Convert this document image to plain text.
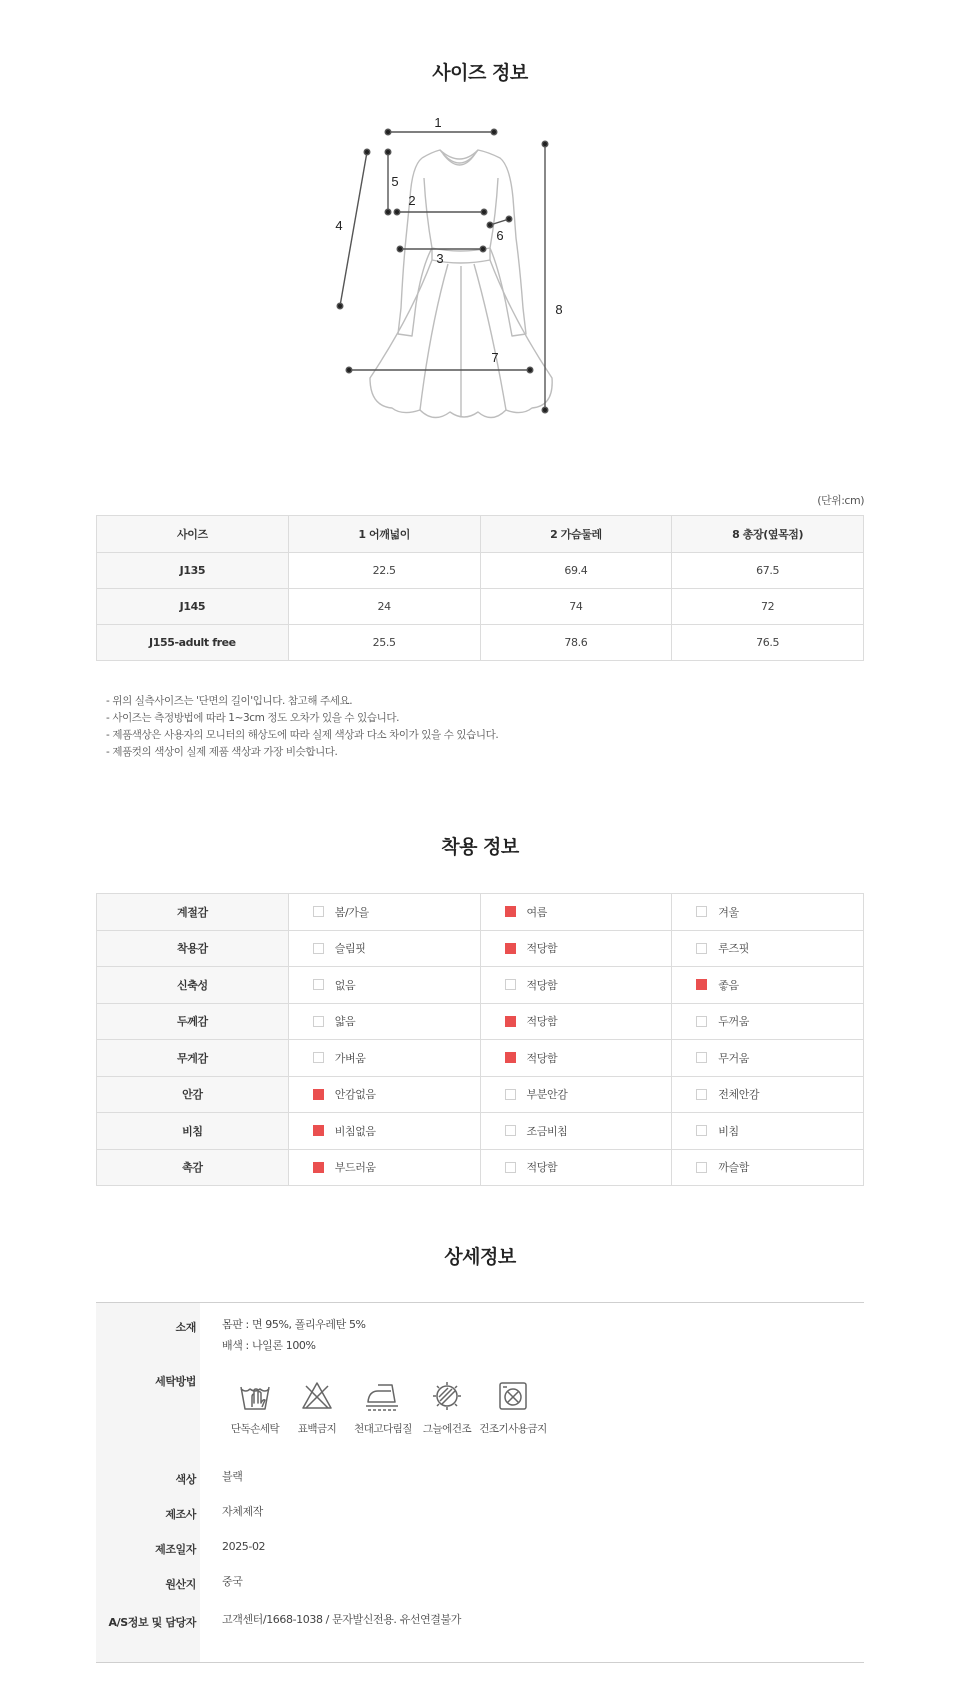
사이즈 정보
1
2
3
4
5
6
7
8
(단위:cm)
사이즈	1 어깨넓이	2 가슴둘레	8 총장(옆목점)
J135	22.5	69.4	67.5
J145	24	74	72
J155-adult free	25.5	78.6	76.5
- 위의 실측사이즈는 '단면의 길이'입니다. 참고해 주세요.
- 사이즈는 측정방법에 따라 1~3cm 정도 오차가 있을 수 있습니다.
- 제품색상은 사용자의 모니터의 해상도에 따라 실제 색상과 다소 차이가 있을 수 있습니다.
- 제품컷의 색상이 실제 제품 색상과 가장 비슷합니다.
착용 정보
계절감	봄/가을	여름	겨울
착용감	슬림핏	적당함	루즈핏
신축성	없음	적당함	좋음
두께감	얇음	적당함	두꺼움
무게감	가벼움	적당함	무거움
안감	안감없음	부분안감	전체안감
비침	비침없음	조금비침	비침
촉감	부드러움	적당함	까슬함
상세정보
소재	몸판 : 면 95%, 폴리우레탄 5%
배색 : 나일론 100%
세탁방법
단독손세탁	표백금지	천대고다림질	그늘에건조 건조기사용금지
색상	블랙
제조사	자체제작
제조일자	2025-02
원산지	중국
A/S정보 및 담당자	고객센터/1668-1038 / 문자발신전용. 유선연결불가
